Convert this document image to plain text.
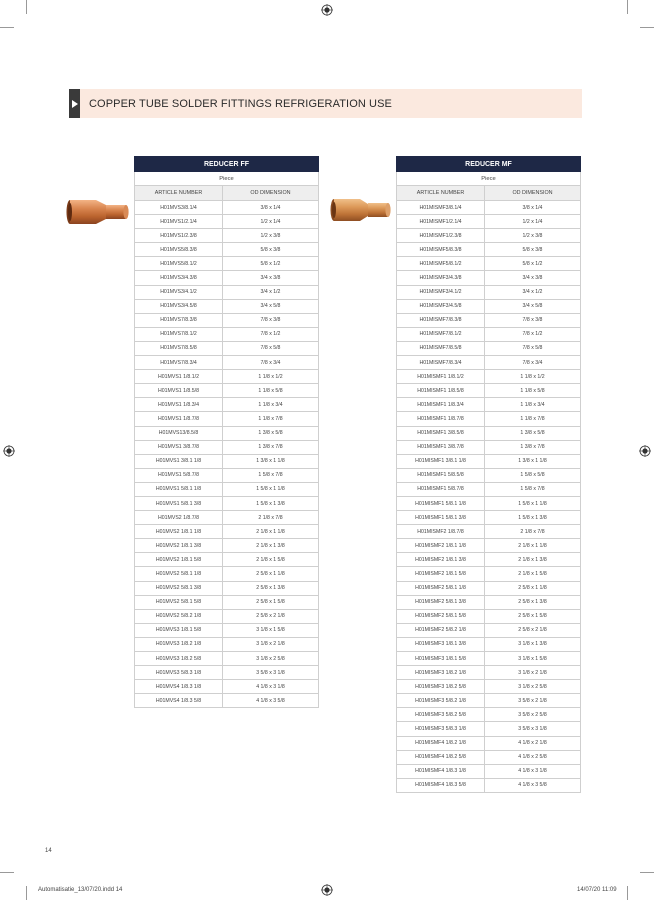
COPPER TUBE SOLDER FITTINGS REFRIGERATION USE
REDUCER FF	
Piece	
ARTICLE NUMBER	OD DIMENSION
H01MVS3/8.1/4	3/8 x 1/4
H01MVS1/2.1/4	1/2 x 1/4
H01MVS1/2.3/8	1/2 x 3/8
H01MVS5/8.3/8	5/8 x 3/8
H01MVS5/8.1/2	5/8 x 1/2
H01MVS3/4.3/8	3/4 x 3/8
H01MVS3/4.1/2	3/4 x 1/2
H01MVS3/4.5/8	3/4 x 5/8
H01MVS7/8.3/8	7/8 x 3/8
H01MVS7/8.1/2	7/8 x 1/2
H01MVS7/8.5/8	7/8 x 5/8
H01MVS7/8.3/4	7/8 x 3/4
H01MVS1 1/8.1/2	1 1/8 x 1/2
H01MVS1 1/8.5/8	1 1/8 x 5/8
H01MVS1 1/8.3/4	1 1/8 x 3/4
H01MVS1 1/8.7/8	1 1/8 x 7/8
H01MVS13/8.5/8	1 3/8 x 5/8
H01MVS1 3/8.7/8	1 3/8 x 7/8
H01MVS1 3/8.1 1/8	1 3/8 x 1 1/8
H01MVS1 5/8.7/8	1 5/8 x 7/8
H01MVS1 5/8.1 1/8	1 5/8 x 1 1/8
H01MVS1 5/8.1 3/8	1 5/8 x 1 3/8
H01MVS2 1/8.7/8	2 1/8 x 7/8
H01MVS2 1/8.1 1/8	2 1/8 x 1 1/8
H01MVS2 1/8.1 3/8	2 1/8 x 1 3/8
H01MVS2 1/8.1 5/8	2 1/8 x 1 5/8
H01MVS2 5/8.1 1/8	2 5/8 x 1 1/8
H01MVS2 5/8.1 3/8	2 5/8 x 1 3/8
H01MVS2 5/8.1 5/8	2 5/8 x 1 5/8
H01MVS2 5/8.2 1/8	2 5/8 x 2 1/8
H01MVS3 1/8.1 5/8	3 1/8 x 1 5/8
H01MVS3 1/8.2 1/8	3 1/8 x 2 1/8
H01MVS3 1/8.2 5/8	3 1/8 x 2 5/8
H01MVS3 5/8.3 1/8	3 5/8 x 3 1/8
H01MVS4 1/8.3 1/8	4 1/8 x 3 1/8
H01MVS4 1/8.3 5/8	4 1/8 x 3 5/8
REDUCER MF	
Piece	
ARTICLE NUMBER	OD DIMENSION
H01MISMF3/8.1/4	3/8 x 1/4
H01MISMF1/2.1/4	1/2 x 1/4
H01MISMF1/2.3/8	1/2 x 3/8
H01MISMF5/8.3/8	5/8 x 3/8
H01MISMF5/8.1/2	5/8 x 1/2
H01MISMF3/4.3/8	3/4 x 3/8
H01MISMF3/4.1/2	3/4 x 1/2
H01MISMF3/4.5/8	3/4 x 5/8
H01MISMF7/8.3/8	7/8 x 3/8
H01MISMF7/8.1/2	7/8 x 1/2
H01MISMF7/8.5/8	7/8 x 5/8
H01MISMF7/8.3/4	7/8 x 3/4
H01MISMF1 1/8.1/2	1 1/8 x 1/2
H01MISMF1 1/8.5/8	1 1/8 x 5/8
H01MISMF1 1/8.3/4	1 1/8 x 3/4
H01MISMF1 1/8.7/8	1 1/8 x 7/8
H01MISMF1 3/8.5/8	1 3/8 x 5/8
H01MISMF1 3/8.7/8	1 3/8 x 7/8
H01MISMF1 3/8.1 1/8	1 3/8 x 1 1/8
H01MISMF1 5/8.5/8	1 5/8 x 5/8
H01MISMF1 5/8.7/8	1 5/8 x 7/8
H01MISMF1 5/8.1 1/8	1 5/8 x 1 1/8
H01MISMF1 5/8.1 3/8	1 5/8 x 1 3/8
H01MISMF2 1/8.7/8	2 1/8 x 7/8
H01MISMF2 1/8.1 1/8	2 1/8 x 1 1/8
H01MISMF2 1/8.1 3/8	2 1/8 x 1 3/8
H01MISMF2 1/8.1 5/8	2 1/8 x 1 5/8
H01MISMF2 5/8.1 1/8	2 5/8 x 1 1/8
H01MISMF2 5/8.1 3/8	2 5/8 x 1 3/8
H01MISMF2 5/8.1 5/8	2 5/8 x 1 5/8
H01MISMF2 5/8.2 1/8	2 5/8 x 2 1/8
H01MISMF3 1/8.1 3/8	3 1/8 x 1 3/8
H01MISMF3 1/8.1 5/8	3 1/8 x 1 5/8
H01MISMF3 1/8.2 1/8	3 1/8 x 2 1/8
H01MISMF3 1/8.2 5/8	3 1/8 x 2 5/8
H01MISMF3 5/8.2 1/8	3 5/8 x 2 1/8
H01MISMF3 5/8.2 5/8	3 5/8 x 2 5/8
H01MISMF3 5/8.3 1/8	3 5/8 x 3 1/8
H01MISMF4 1/8.2 1/8	4 1/8 x 2 1/8
H01MISMF4 1/8.2 5/8	4 1/8 x 2 5/8
H01MISMF4 1/8.3 1/8	4 1/8 x 3 1/8
H01MISMF4 1/8.3 5/8	4 1/8 x 3 5/8
14
Automatisatie_13/07/20.indd 14	14/07/20 11:09
